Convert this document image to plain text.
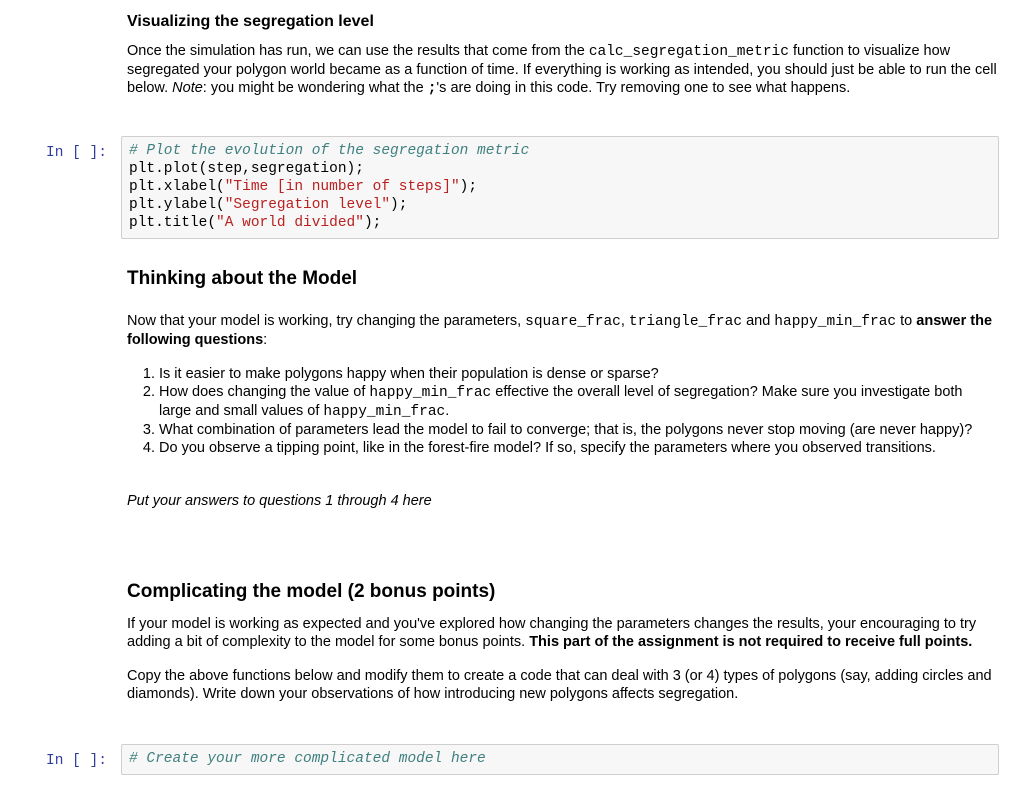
Visualizing the segregation level

Once the simulation has run, we can use the results that come from the calc_segregation_metric function to visualize how segregated your polygon world became as a function of time. If everything is working as intended, you should just be able to run the cell below. Note: you might be wondering what the ;'s are doing in this code. Try removing one to see what happens.

In [ ]:	# Plot the evolution of the segregation metric
plt.plot(step,segregation);
plt.xlabel("Time [in number of steps]");
plt.ylabel("Segregation level");
plt.title("A world divided");
Thinking about the Model

Now that your model is working, try changing the parameters, square_frac, triangle_frac and happy_min_frac to answer the following questions:

1. Is it easier to make polygons happy when their population is dense or sparse?
2. How does changing the value of happy_min_frac effective the overall level of segregation? Make sure you investigate both large and small values of happy_min_frac.
3. What combination of parameters lead the model to fail to converge; that is, the polygons never stop moving (are never happy)?
4. Do you observe a tipping point, like in the forest-fire model? If so, specify the parameters where you observed transitions.

Put your answers to questions 1 through 4 here

Complicating the model (2 bonus points)

If your model is working as expected and you've explored how changing the parameters changes the results, your encouraging to try adding a bit of complexity to the model for some bonus points. This part of the assignment is not required to receive full points.

Copy the above functions below and modify them to create a code that can deal with 3 (or 4) types of polygons (say, adding circles and diamonds). Write down your observations of how introducing new polygons affects segregation.

In [ ]:	# Create your more complicated model here
